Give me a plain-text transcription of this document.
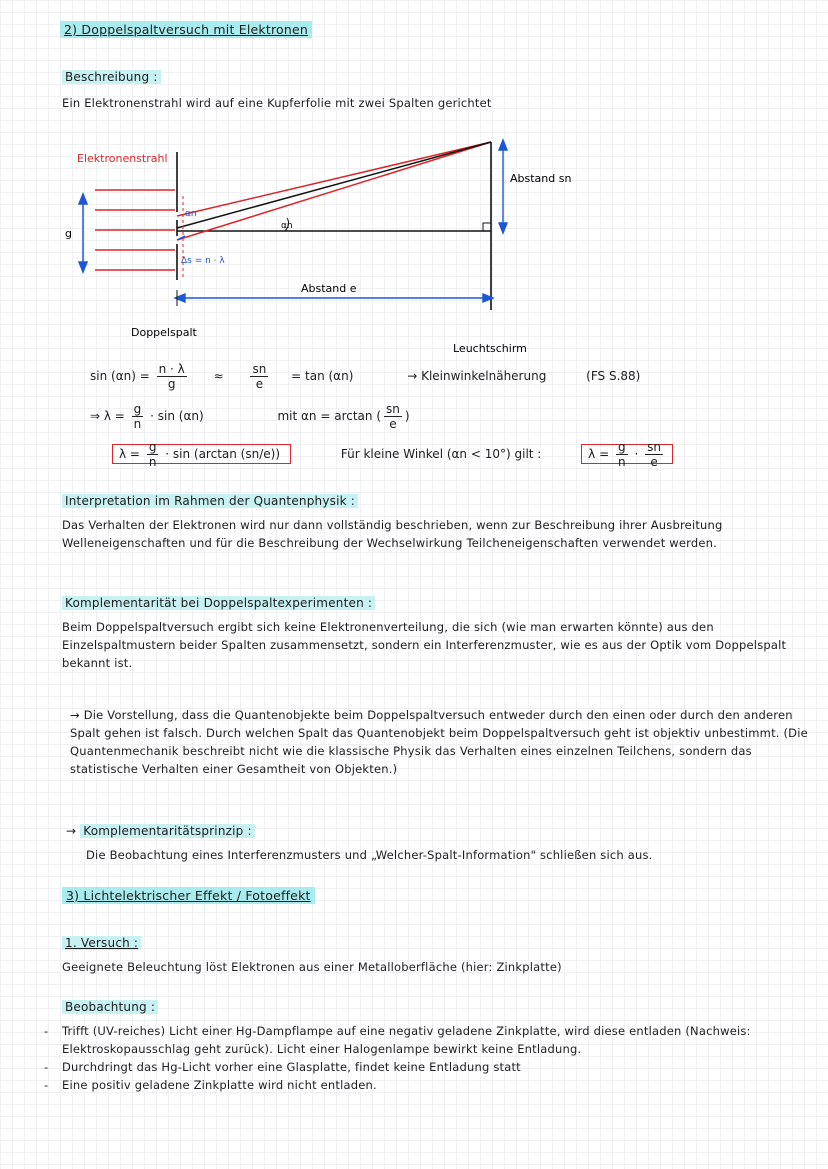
2) Doppelspaltversuch mit Elektronen
Beschreibung :
Ein Elektronenstrahl wird auf eine Kupferfolie mit zwei Spalten gerichtet
Elektronenstrahl
g
Abstand sn
αn
αn
Δs = n · λ
Abstand e
Doppelspalt
Leuchtschirm
$\sin (\alpha n) = \frac{n \cdot \lambda}{g} \approx \frac{sn}{e} = \tan (\alpha n)$	→ Kleinwinkelnäherung	(FS S.88)
⇒ $\lambda = \frac{g}{n} \cdot \sin (\alpha n)$	mit αn = arctan ( $\frac{sn}{e}$ )
$\lambda = \frac{g}{n} \cdot \sin (\arctan$ (sn/e))	Für kleine Winkel (αn < 10°) gilt :	$\lambda = \frac{g}{n} \cdot \frac{sn}{e}$
Interpretation im Rahmen der Quantenphysik :
Das Verhalten der Elektronen wird nur dann vollständig beschrieben, wenn zur Beschreibung ihrer Ausbreitung Welleneigenschaften und für die Beschreibung der Wechselwirkung Teilcheneigenschaften verwendet werden.
Komplementarität bei Doppelspaltexperimenten :
Beim Doppelspaltversuch ergibt sich keine Elektronenverteilung, die sich (wie man erwarten könnte) aus den Einzelspaltmustern beider Spalten zusammensetzt, sondern ein Interferenzmuster, wie es aus der Optik vom Doppelspalt bekannt ist.
→ Die Vorstellung, dass die Quantenobjekte beim Doppelspaltversuch entweder durch den einen oder durch den anderen Spalt gehen ist falsch. Durch welchen Spalt das Quantenobjekt beim Doppelspaltversuch geht ist objektiv unbestimmt. (Die Quantenmechanik beschreibt nicht wie die klassische Physik das Verhalten eines einzelnen Teilchens, sondern das statistische Verhalten einer Gesamtheit von Objekten.)
→ Komplementaritätsprinzip :
Die Beobachtung eines Interferenzmusters und „Welcher-Spalt-Information" schließen sich aus.
3) Lichtelektrischer Effekt / Fotoeffekt
1. Versuch :
Geeignete Beleuchtung löst Elektronen aus einer Metalloberfläche (hier: Zinkplatte)
Beobachtung :
-	Trifft (UV-reiches) Licht einer Hg-Dampflampe auf eine negativ geladene Zinkplatte, wird diese entladen (Nachweis: Elektroskopausschlag geht zurück). Licht einer Halogenlampe bewirkt keine Entladung.
-	Durchdringt das Hg-Licht vorher eine Glasplatte, findet keine Entladung statt
-	Eine positiv geladene Zinkplatte wird nicht entladen.
